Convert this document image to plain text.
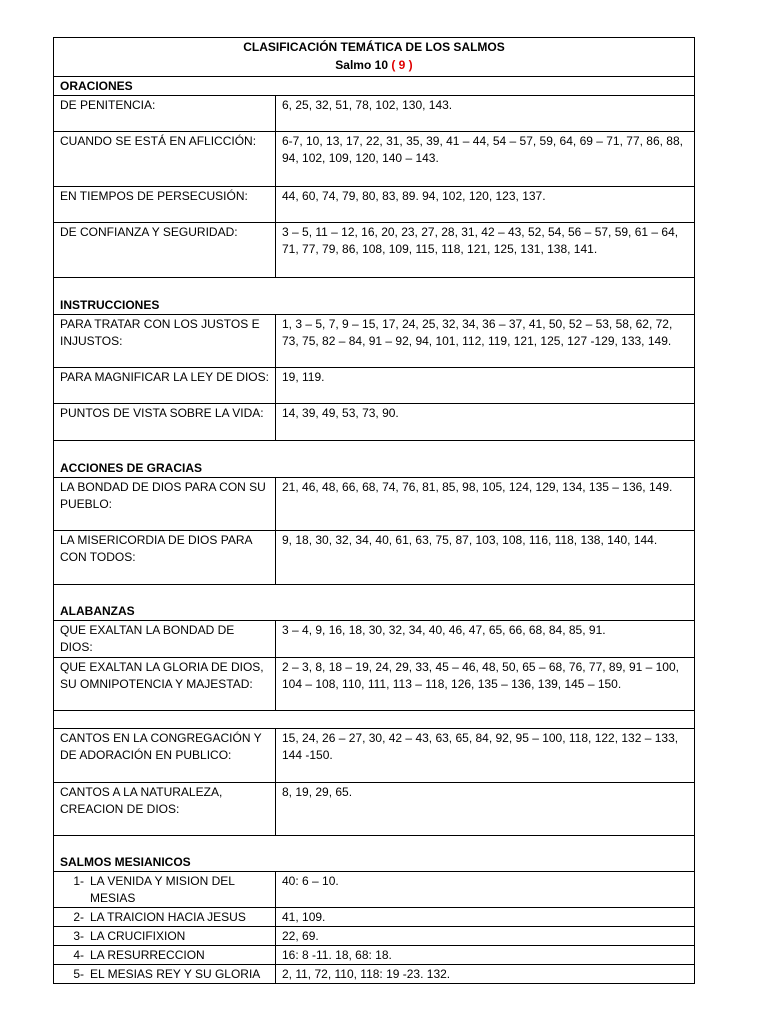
CLASIFICACIÓN TEMÁTICA DE LOS SALMOS
Salmo 10 ( 9 )	

ORACIONES	
DE PENITENCIA:	6, 25, 32, 51, 78, 102, 130, 143.
CUANDO SE ESTÁ EN AFLICCIÓN:	6-7, 10, 13, 17, 22, 31, 35, 39, 41 – 44, 54 – 57, 59, 64, 69 – 71, 77, 86, 88, 94, 102, 109, 120, 140 – 143.
EN TIEMPOS DE PERSECUSIÓN:	44, 60, 74, 79, 80, 83, 89. 94, 102, 120, 123, 137.
DE CONFIANZA Y SEGURIDAD:	3 – 5, 11 – 12, 16, 20, 23, 27, 28, 31, 42 – 43, 52, 54, 56 – 57, 59, 61 – 64, 71, 77, 79, 86, 108, 109, 115, 118, 121, 125, 131, 138, 141.
INSTRUCCIONES	
PARA TRATAR CON LOS JUSTOS E INJUSTOS:	1, 3 – 5, 7, 9 – 15, 17, 24, 25, 32, 34, 36 – 37, 41, 50, 52 – 53, 58, 62, 72, 73, 75, 82 – 84, 91 – 92, 94, 101, 112, 119, 121, 125, 127 -129, 133, 149.
PARA MAGNIFICAR LA LEY DE DIOS:	19, 119.
PUNTOS DE VISTA SOBRE LA VIDA:	14, 39, 49, 53, 73, 90.
ACCIONES DE GRACIAS	
LA BONDAD DE DIOS PARA CON SU PUEBLO:	21, 46, 48, 66, 68, 74, 76, 81, 85, 98, 105, 124, 129, 134, 135 – 136, 149.
LA MISERICORDIA DE DIOS PARA CON TODOS:	9, 18, 30, 32, 34, 40, 61, 63, 75, 87, 103, 108, 116, 118, 138, 140, 144.
ALABANZAS	
QUE EXALTAN LA BONDAD DE DIOS:	3 – 4, 9, 16, 18, 30, 32, 34, 40, 46, 47, 65, 66, 68, 84, 85, 91.
QUE EXALTAN LA GLORIA DE DIOS, SU OMNIPOTENCIA Y MAJESTAD:	2 – 3, 8, 18 – 19, 24, 29, 33, 45 – 46, 48, 50, 65 – 68, 76, 77, 89, 91 – 100, 104 – 108, 110, 111, 113 – 118, 126, 135 – 136, 139, 145 – 150.

CANTOS EN LA CONGREGACIÓN Y DE ADORACIÓN EN PUBLICO:	15, 24, 26 – 27, 30, 42 – 43, 63, 65, 84, 92, 95 – 100, 118, 122, 132 – 133, 144 -150.
CANTOS A LA NATURALEZA, CREACION DE DIOS:	8, 19, 29, 65.
SALMOS MESIANICOS	

1- LA VENIDA Y MISION DEL MESIAS	40: 6 – 10.

2- LA TRAICION HACIA JESUS	41, 109.

3- LA CRUCIFIXION	22, 69.

4- LA RESURRECCION	16: 8 -11. 18, 68: 18.

5- EL MESIAS REY Y SU GLORIA	2, 11, 72, 110, 118: 19 -23. 132.
